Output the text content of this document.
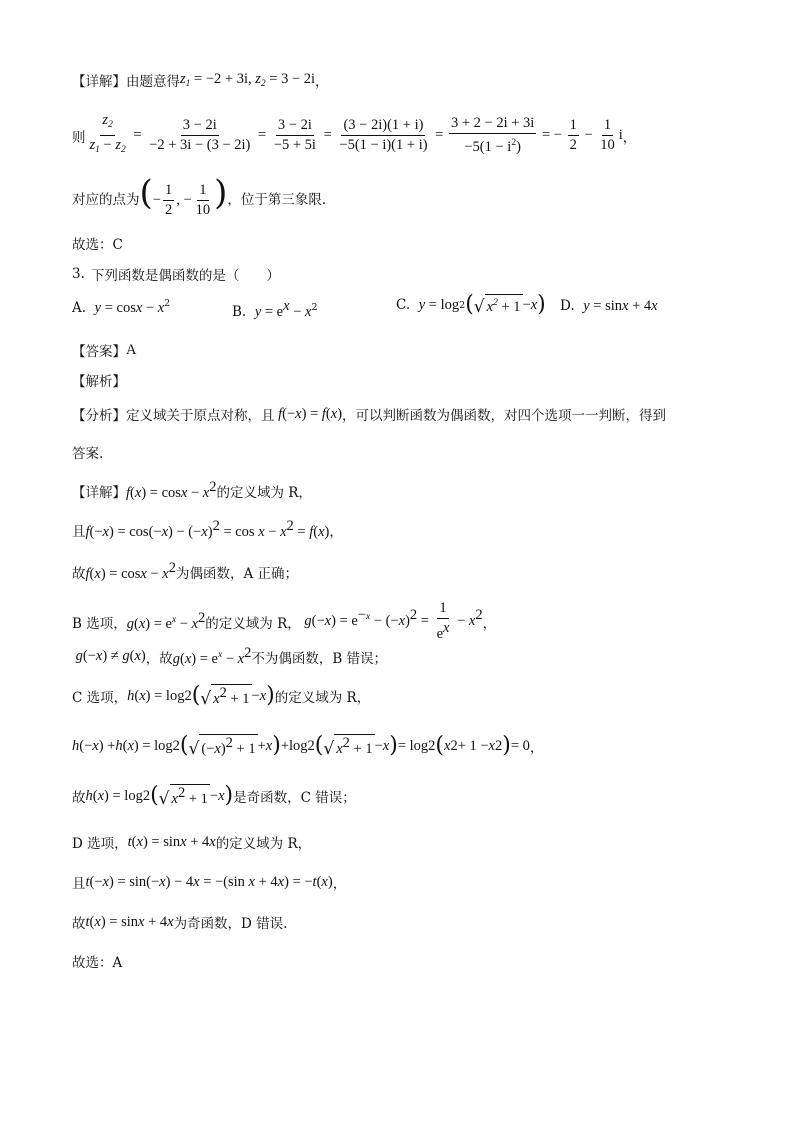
【详解】 由题意得 $z_1 = -2 + 3i$, $z_2 = 3 - 2i$ ，
则 $\frac{z_2}{z_1 - z_2} = \frac{3 - 2i}{-2 + 3i - (3 - 2i)} = \frac{3 - 2i}{-5 + 5i} = \frac{(3 - 2i)(1 + i)}{-5(1 - i)(1 + i)} = \frac{3 + 2 - 2i + 3i}{-5(1 - i^2)}$ = − $\frac{1}{2} - \frac{1}{10}$ i ，
对应的点为 (− $\frac{1}{2}$ , − $\frac{1}{10}$ ) ，位于第三象限.
故选：C
3. 下列函数是偶函数的是（　　）
A. $y = \cos x - x^2$
B. $y = e^x - x^2$	C.
y = log 2 ( √ $x^2 + 1 - x$ ) D. y = sinx + 4x
【答案】 A
【解析】
【分析】 定义域关于原点对称，且 f(−x) = f(x) ，可以判断函数为偶函数，对四个选项一一判断，得到
答案.
【详解】 $f(x) = \cos x - x^2$ 的定义域为 R，
且 $f(-x) = \cos(-x) - (-x)^2 = \cos x - x^2 = f(x)$ ，
故 $f(x) = \cos x - x^2$ 为偶函数，A 正确；
B 选项， $g(x) = e^x - x^2$ 的定义域为 R， $g(-x) = e^{-x} - (-x)^2 = \frac{1}{e^x} - x^2$
，
g(−x) ≠ g(x) ，故 $g(x) = e^x - x^2$ 不为偶函数，B 错误；
C 选项， h ( x ) = log 2 ( √ $x^2 + 1 - x$ ) 的定义域为 R，
h (− x ) + h ( x ) = log 2 ( √ $(-x)^2 + 1 + x$ ) +log 2 ( √ $x^2 + 1 - x$ ) = log 2 ( x 2 + 1 − x 2 ) = 0 ，
故 h ( x ) = log 2 ( √ $x^2 + 1 - x$ ) 是奇函数，C 错误；
D 选项， t(x) = sinx + 4x 的定义域为 R，
且 t(−x) = sin(−x) − 4x = −(sin x + 4x) = −t(x) ，
故 t(x) = sinx + 4x 为奇函数，D 错误.
故选：A
